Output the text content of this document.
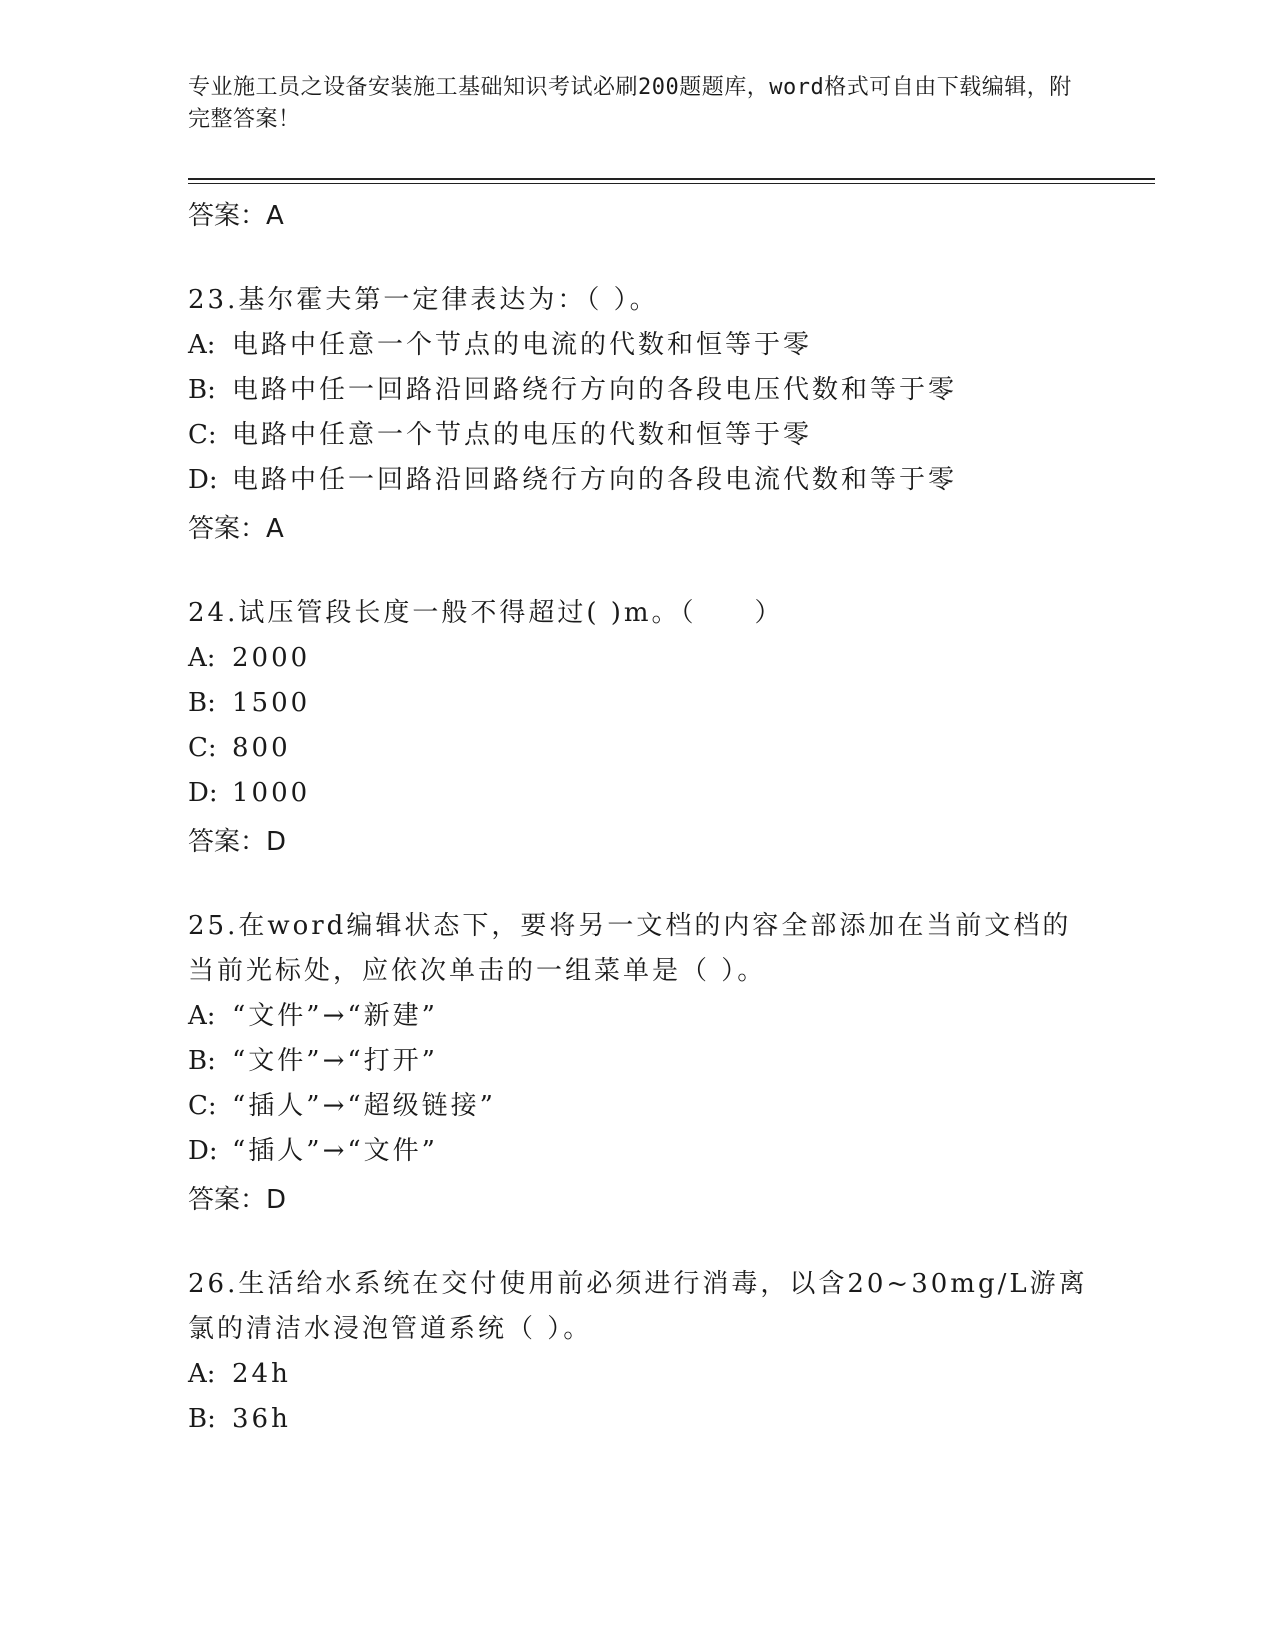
专业施工员之设备安装施工基础知识考试必刷200题题库，word格式可自由下载编辑，附完整答案！
答案：A
23.基尔霍夫第一定律表达为：（ ）。
A: 电路中任意一个节点的电流的代数和恒等于零
B: 电路中任一回路沿回路绕行方向的各段电压代数和等于零
C: 电路中任意一个节点的电压的代数和恒等于零
D: 电路中任一回路沿回路绕行方向的各段电流代数和等于零
答案：A
24.试压管段长度一般不得超过( )m。（　　）
A: 2000
B: 1500
C: 800
D: 1000
答案：D
25.在word编辑状态下，要将另一文档的内容全部添加在当前文档的当前光标处，应依次单击的一组菜单是（ ）。
A: “文件”→“新建”
B: “文件”→“打开”
C: “插人”→“超级链接”
D: “插人”→“文件”
答案：D
26.生活给水系统在交付使用前必须进行消毒，以含20~30mg/L游离氯的清洁水浸泡管道系统（ ）。
A: 24h
B: 36h
